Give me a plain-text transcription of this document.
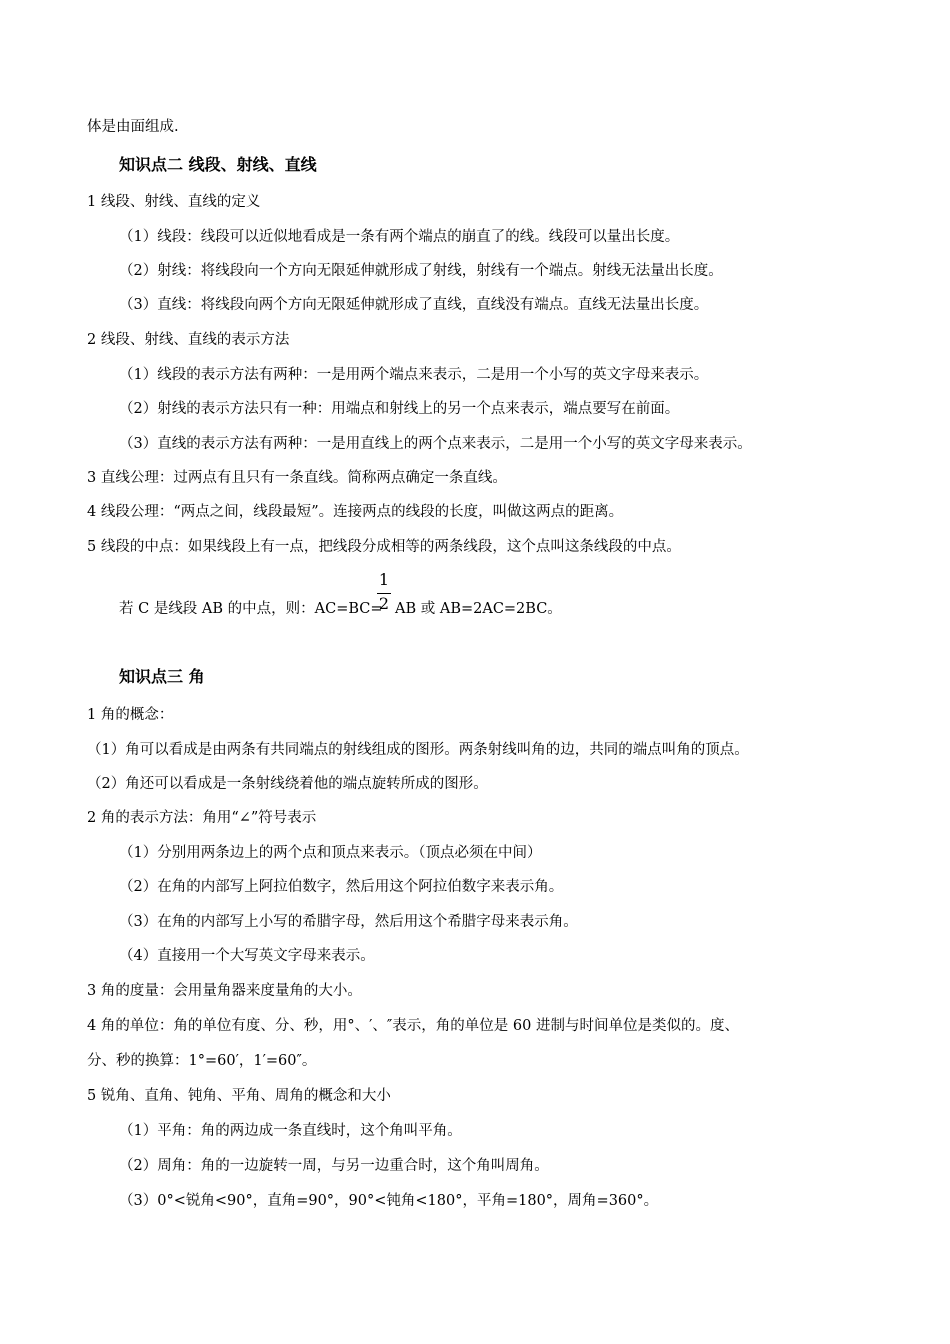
体是由面组成.
知识点二 线段、射线、直线
1 线段、射线、直线的定义
（1）线段：线段可以近似地看成是一条有两个端点的崩直了的线。线段可以量出长度。
（2）射线：将线段向一个方向无限延伸就形成了射线，射线有一个端点。射线无法量出长度。
（3）直线：将线段向两个方向无限延伸就形成了直线，直线没有端点。直线无法量出长度。
2 线段、射线、直线的表示方法
（1）线段的表示方法有两种：一是用两个端点来表示，二是用一个小写的英文字母来表示。
（2）射线的表示方法只有一种：用端点和射线上的另一个点来表示，端点要写在前面。
（3）直线的表示方法有两种：一是用直线上的两个点来表示，二是用一个小写的英文字母来表示。
3 直线公理：过两点有且只有一条直线。简称两点确定一条直线。
4 线段公理：“两点之间，线段最短”。连接两点的线段的长度，叫做这两点的距离。
5 线段的中点：如果线段上有一点，把线段分成相等的两条线段，这个点叫这条线段的中点。
若 C 是线段 AB 的中点，则：AC=BC=
1
2 AB 或 AB=2AC=2BC。
知识点三 角
1 角的概念：
（1）角可以看成是由两条有共同端点的射线组成的图形。两条射线叫角的边，共同的端点叫角的顶点。
（2）角还可以看成是一条射线绕着他的端点旋转所成的图形。
2 角的表示方法：角用“∠”符号表示
（1）分别用两条边上的两个点和顶点来表示。（顶点必须在中间）
（2）在角的内部写上阿拉伯数字，然后用这个阿拉伯数字来表示角。
（3）在角的内部写上小写的希腊字母，然后用这个希腊字母来表示角。
（4）直接用一个大写英文字母来表示。
3 角的度量：会用量角器来度量角的大小。
4 角的单位：角的单位有度、分、秒，用°、′、″表示，角的单位是 60 进制与时间单位是类似的。度、
分、秒的换算：1°=60′，1′=60″。
5 锐角、直角、钝角、平角、周角的概念和大小
（1）平角：角的两边成一条直线时，这个角叫平角。
（2）周角：角的一边旋转一周，与另一边重合时，这个角叫周角。
（3）0°<锐角<90°，直角=90°，90°<钝角<180°，平角=180°，周角=360°。
